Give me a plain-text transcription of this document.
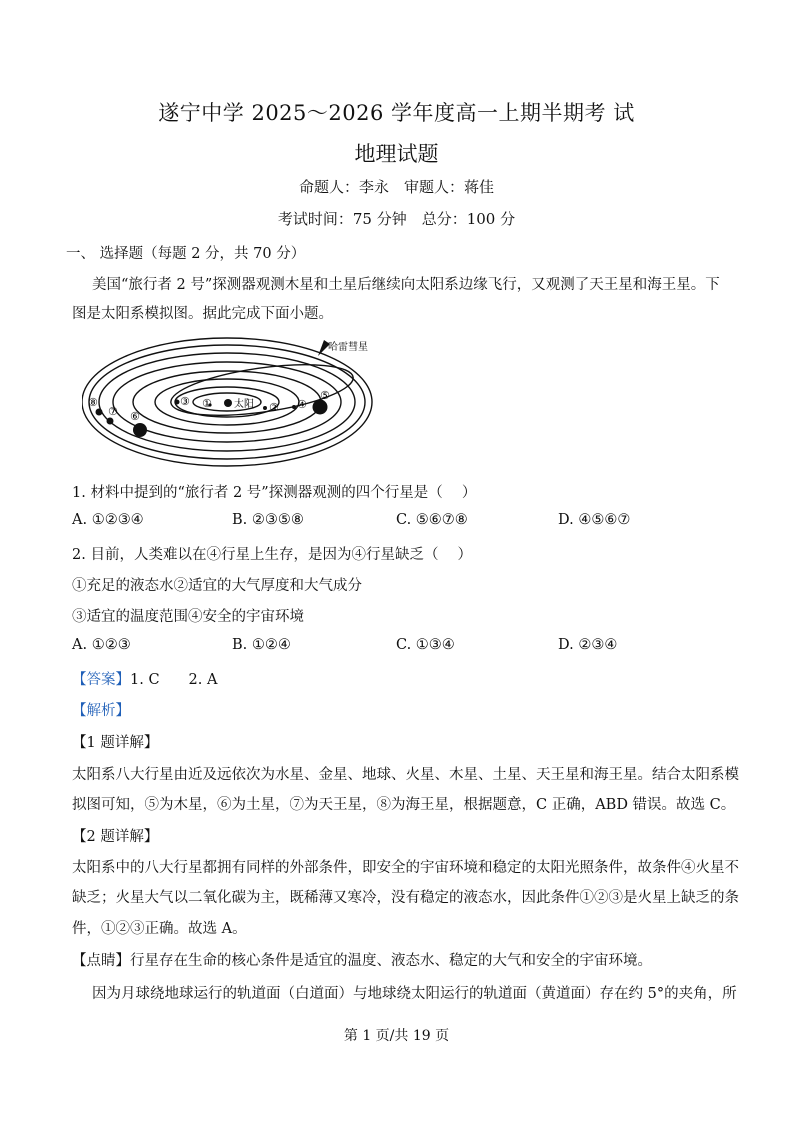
遂宁中学 2025～2026 学年度高一上期半期考 试
地理试题
命题人：李永　审题人：蒋佳
考试时间：75 分钟　总分：100 分
一、 选择题（每题 2 分，共 70 分）
美国“旅行者 2 号”探测器观测木星和土星后继续向太阳系边缘飞行，又观测了天王星和海王星。下
图是太阳系模拟图。据此完成下面小题。
哈雷彗星
太阳
①	②
③	④
⑤
⑥
⑦
⑧
1. 材料中提到的“旅行者 2 号”探测器观测的四个行星是（　 ）
A. ①②③④	B. ②③⑤⑧	C. ⑤⑥⑦⑧	D. ④⑤⑥⑦
2. 目前，人类难以在④行星上生存，是因为④行星缺乏（　 ）
①充足的液态水②适宜的大气厚度和大气成分
③适宜的温度范围④安全的宇宙环境
A. ①②③	B. ①②④	C. ①③④	D. ②③④
【答案】1. C　　2. A
【解析】
【1 题详解】
太阳系八大行星由近及远依次为水星、金星、地球、火星、木星、土星、天王星和海王星。结合太阳系模
拟图可知，⑤为木星，⑥为土星，⑦为天王星，⑧为海王星，根据题意，C 正确，ABD 错误。故选 C。
【2 题详解】
太阳系中的八大行星都拥有同样的外部条件，即安全的宇宙环境和稳定的太阳光照条件，故条件④火星不
缺乏；火星大气以二氧化碳为主，既稀薄又寒冷，没有稳定的液态水，因此条件①②③是火星上缺乏的条
件，①②③正确。故选 A。
【点睛】行星存在生命的核心条件是适宜的温度、液态水、稳定的大气和安全的宇宙环境。
因为月球绕地球运行的轨道面（白道面）与地球绕太阳运行的轨道面（黄道面）存在约 5°的夹角，所
第 1 页/共 19 页
